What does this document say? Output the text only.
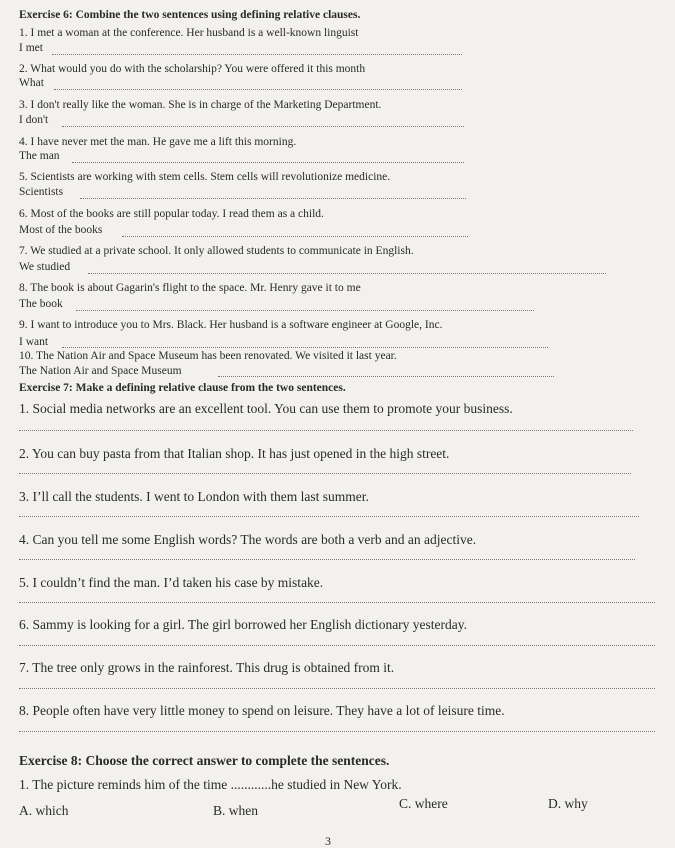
Exercise 6: Combine the two sentences using defining relative clauses.
1. I met a woman at the conference. Her husband is a well-known linguist
I met
2. What would you do with the scholarship? You were offered it this month
What
3. I don't really like the woman. She is in charge of the Marketing Department.
I don't
4. I have never met the man. He gave me a lift this morning.
The man
5. Scientists are working with stem cells. Stem cells will revolutionize medicine.
Scientists
6. Most of the books are still popular today. I read them as a child.
Most of the books
7. We studied at a private school. It only allowed students to communicate in English.
We studied
8. The book is about Gagarin's flight to the space. Mr. Henry gave it to me
The book
9. I want to introduce you to Mrs. Black. Her husband is a software engineer at Google, Inc.
I want
10. The Nation Air and Space Museum has been renovated. We visited it last year.
The Nation Air and Space Museum
Exercise 7: Make a defining relative clause from the two sentences.
1. Social media networks are an excellent tool. You can use them to promote your business.
2. You can buy pasta from that Italian shop. It has just opened in the high street.
3. I’ll call the students. I went to London with them last summer.
4. Can you tell me some English words? The words are both a verb and an adjective.
5. I couldn’t find the man. I’d taken his case by mistake.
6. Sammy is looking for a girl. The girl borrowed her English dictionary yesterday.
7. The tree only grows in the rainforest. This drug is obtained from it.
8. People often have very little money to spend on leisure. They have a lot of leisure time.
Exercise 8: Choose the correct answer to complete the sentences.
1. The picture reminds him of the time ............he studied in New York.
A. which	B. when	C. where	D. why
3
